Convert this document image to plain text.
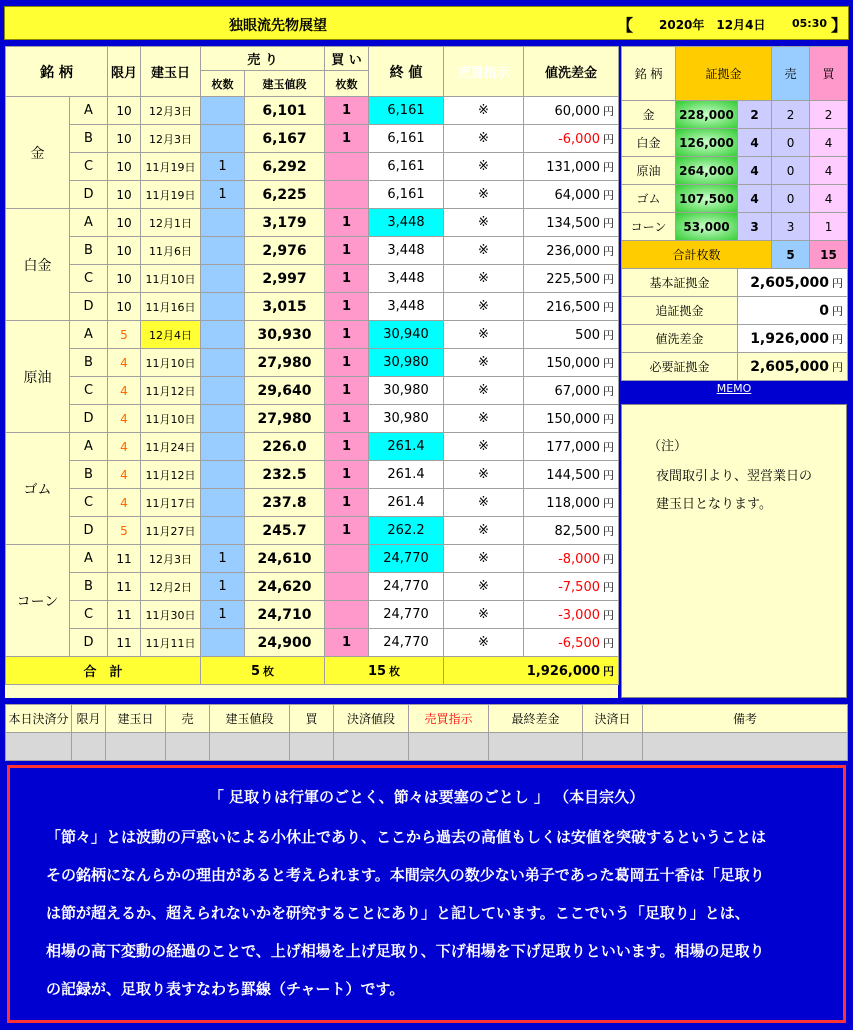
独眼流先物展望	【 2020年　12月4日 05:30 】
銘 柄		限月	建玉日	売 り		買 い	終 値	売買指示	値洗差金
				枚数	建玉値段	枚数			
金	A	10	12月3日		6,101	1	6,161	※	60,000 円
	B	10	12月3日		6,167	1	6,161	※	-6,000 円
	C	10	11月19日	1	6,292		6,161	※	131,000 円
	D	10	11月19日	1	6,225		6,161	※	64,000 円
白金	A	10	12月1日		3,179	1	3,448	※	134,500 円
	B	10	11月6日		2,976	1	3,448	※	236,000 円
	C	10	11月10日		2,997	1	3,448	※	225,500 円
	D	10	11月16日		3,015	1	3,448	※	216,500 円
原油	A	5	12月4日		30,930	1	30,940	※	500 円
	B	4	11月10日		27,980	1	30,980	※	150,000 円
	C	4	11月12日		29,640	1	30,980	※	67,000 円
	D	4	11月10日		27,980	1	30,980	※	150,000 円
ゴム	A	4	11月24日		226.0	1	261.4	※	177,000 円
	B	4	11月12日		232.5	1	261.4	※	144,500 円
	C	4	11月17日		237.8	1	261.4	※	118,000 円
	D	5	11月27日		245.7	1	262.2	※	82,500 円
コーン	A	11	12月3日	1	24,610		24,770	※	-8,000 円
	B	11	12月2日	1	24,620		24,770	※	-7,500 円
	C	11	11月30日	1	24,710		24,770	※	-3,000 円
	D	11	11月11日		24,900	1	24,770	※	-6,500 円
合　計				5 枚		15 枚		1,926,000 円	
銘 柄	証拠金		売	買
金	228,000	2	2	2
白金	126,000	4	0	4
原油	264,000	4	0	4
ゴム	107,500	4	0	4
コーン	53,000	3	3	1
合計枚数			5	15
基本証拠金		2,605,000 円		
追証拠金		0 円		
値洗差金		1,926,000 円		
必要証拠金		2,605,000 円		
MEMO

（注）

夜間取引より、翌営業日の

建玉日となります。

本日決済分	限月	建玉日	売	建玉値段	買	決済値段	売買指示	最終差金	決済日	備考

「 足取りは行軍のごとく、節々は要塞のごとし 」 （本目宗久）
「節々」とは波動の戸惑いによる小休止であり、ここから過去の高値もしくは安値を突破するということは
その銘柄になんらかの理由があると考えられます。本間宗久の数少ない弟子であった葛岡五十香は「足取り
は節が超えるか、超えられないかを研究することにあり」と記しています。ここでいう「足取り」とは、
相場の高下変動の経過のことで、上げ相場を上げ足取り、下げ相場を下げ足取りといいます。相場の足取り
の記録が、足取り表すなわち罫線（チャート）です。
